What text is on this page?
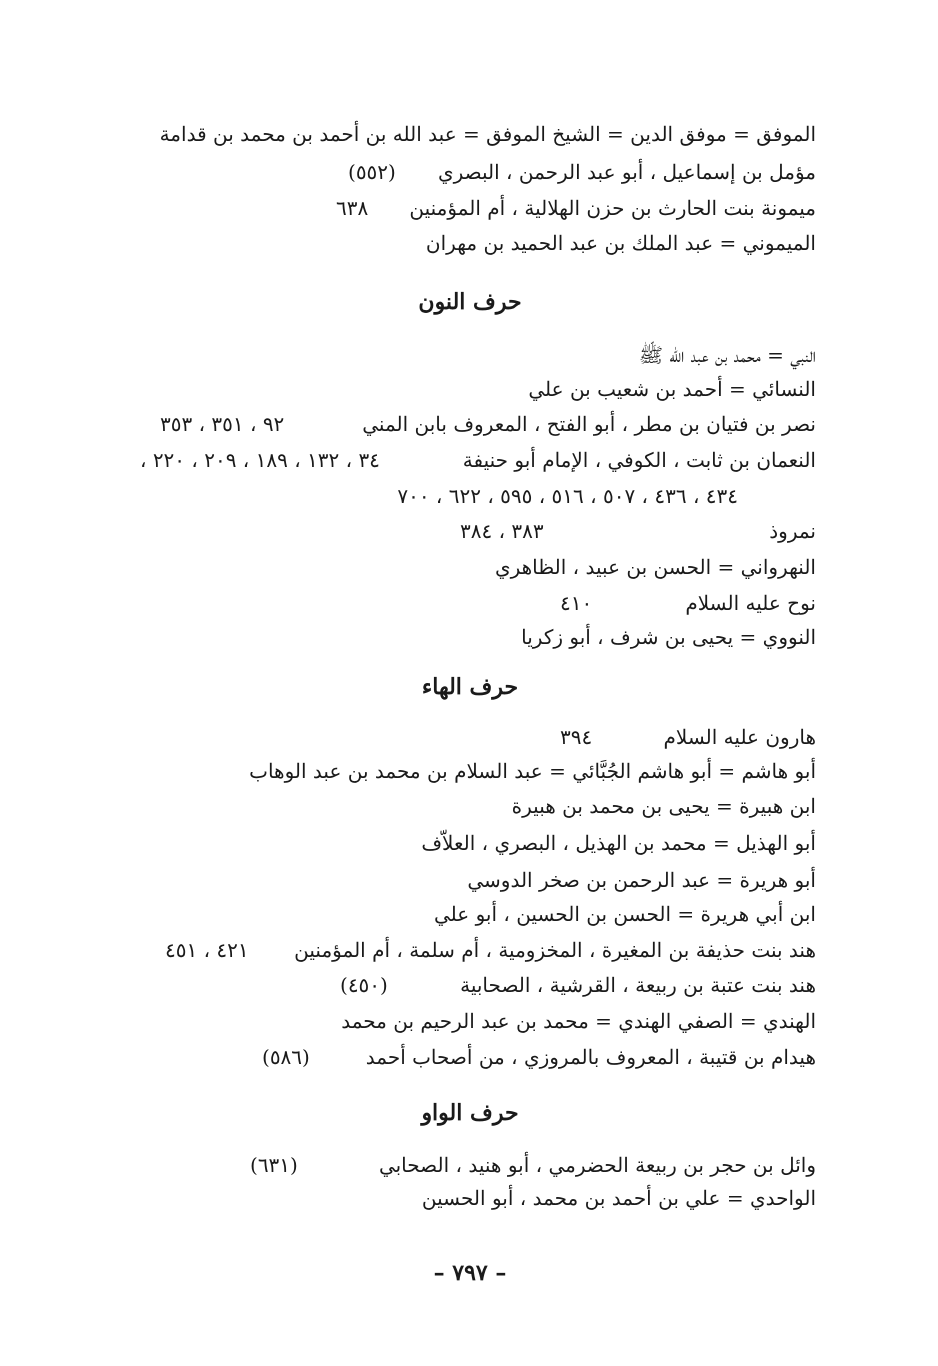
الموفق = موفق الدين = الشيخ الموفق = عبد الله بن أحمد بن محمد بن قدامة
مؤمل بن إسماعيل ، أبو عبد الرحمن ، البصري
(٥٥٢)
ميمونة بنت الحارث بن حزن الهلالية ، أم المؤمنين
٦٣٨
الميموني = عبد الملك بن عبد الحميد بن مهران
حرف النون
النبي = محمد بن عبد الله ﷺ
النسائي = أحمد بن شعيب بن علي
نصر بن فتيان بن مطر ، أبو الفتح ، المعروف بابن المني
٩٢ ، ٣٥١ ، ٣٥٣
النعمان بن ثابت ، الكوفي ، الإمام أبو حنيفة
٣٤ ، ١٣٢ ، ١٨٩ ، ٢٠٩ ، ٢٢٠ ،
٤٣٤ ، ٤٣٦ ، ٥٠٧ ، ٥١٦ ، ٥٩٥ ، ٦٢٢ ، ٧٠٠
نمروذ
٣٨٣ ، ٣٨٤
النهرواني = الحسن بن عبيد ، الظاهري
نوح عليه السلام
٤١٠
النووي = يحيى بن شرف ، أبو زكريا
حرف الهاء
هارون عليه السلام
٣٩٤
أبو هاشم = أبو هاشم الجُبَّائي = عبد السلام بن محمد بن عبد الوهاب
ابن هبيرة = يحيى بن محمد بن هبيرة
أبو الهذيل = محمد بن الهذيل ، البصري ، العلاّف
أبو هريرة = عبد الرحمن بن صخر الدوسي
ابن أبي هريرة = الحسن بن الحسين ، أبو علي
هند بنت حذيفة بن المغيرة ، المخزومية ، أم سلمة ، أم المؤمنين
٤٢١ ، ٤٥١
هند بنت عتبة بن ربيعة ، القرشية ، الصحابية
(٤٥٠)
الهندي = الصفي الهندي = محمد بن عبد الرحيم بن محمد
هيدام بن قتيبة ، المعروف بالمروزي ، من أصحاب أحمد
(٥٨٦)
حرف الواو
وائل بن حجر بن ربيعة الحضرمي ، أبو هنيد ، الصحابي
(٦٣١)
الواحدي = علي بن أحمد بن محمد ، أبو الحسين
– ٧٩٧ –
